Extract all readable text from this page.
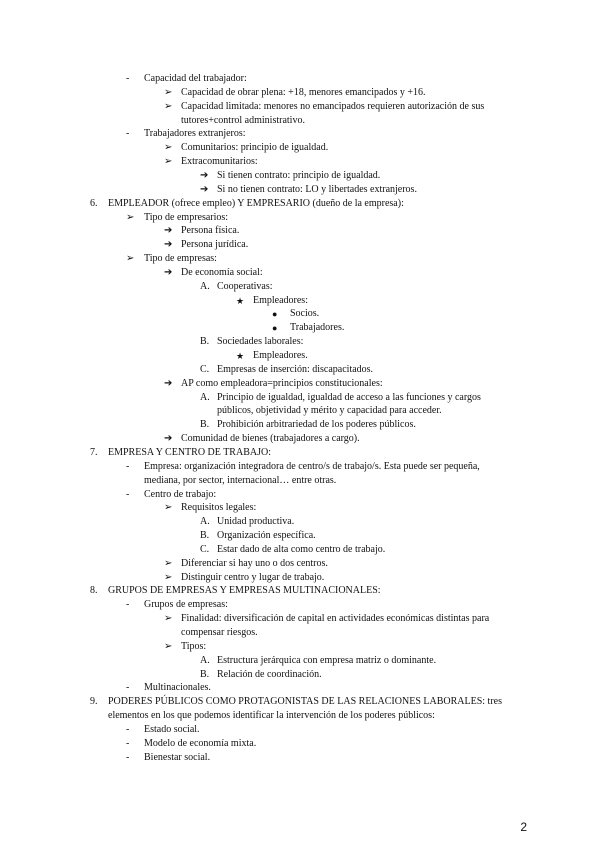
- Capacidad del trabajador:
➢ Capacidad de obrar plena: +18, menores emancipados y +16.
➢ Capacidad limitada: menores no emancipados requieren autorización de sus
tutores+control administrativo.
- Trabajadores extranjeros:
➢ Comunitarios: principio de igualdad.
➢ Extracomunitarios:
➔ Si tienen contrato: principio de igualdad.
➔ Si no tienen contrato: LO y libertades extranjeros.
6. EMPLEADOR (ofrece empleo) Y EMPRESARIO (dueño de la empresa):
➢ Tipo de empresarios:
➔ Persona física.
➔ Persona jurídica.
➢ Tipo de empresas:
➔ De economía social:
A. Cooperativas:
★ Empleadores:
● Socios.
● Trabajadores.
B. Sociedades laborales:
★ Empleadores.
C. Empresas de inserción: discapacitados.
➔ AP como empleadora=principios constitucionales:
A. Principio de igualdad, igualdad de acceso a las funciones y cargos
públicos, objetividad y mérito y capacidad para acceder.
B. Prohibición arbitrariedad de los poderes públicos.
➔ Comunidad de bienes (trabajadores a cargo).
7. EMPRESA Y CENTRO DE TRABAJO:
- Empresa: organización integradora de centro/s de trabajo/s. Esta puede ser pequeña,
mediana, por sector, internacional… entre otras.
- Centro de trabajo:
➢ Requisitos legales:
A. Unidad productiva.
B. Organización específica.
C. Estar dado de alta como centro de trabajo.
➢ Diferenciar si hay uno o dos centros.
➢ Distinguir centro y lugar de trabajo.
8. GRUPOS DE EMPRESAS Y EMPRESAS MULTINACIONALES:
- Grupos de empresas:
➢ Finalidad: diversificación de capital en actividades económicas distintas para
compensar riesgos.
➢ Tipos:
A. Estructura jerárquica con empresa matriz o dominante.
B. Relación de coordinación.
- Multinacionales.
9. PODERES PÚBLICOS COMO PROTAGONISTAS DE LAS RELACIONES LABORALES: tres
elementos en los que podemos identificar la intervención de los poderes públicos:
- Estado social.
- Modelo de economía mixta.
- Bienestar social.
2
